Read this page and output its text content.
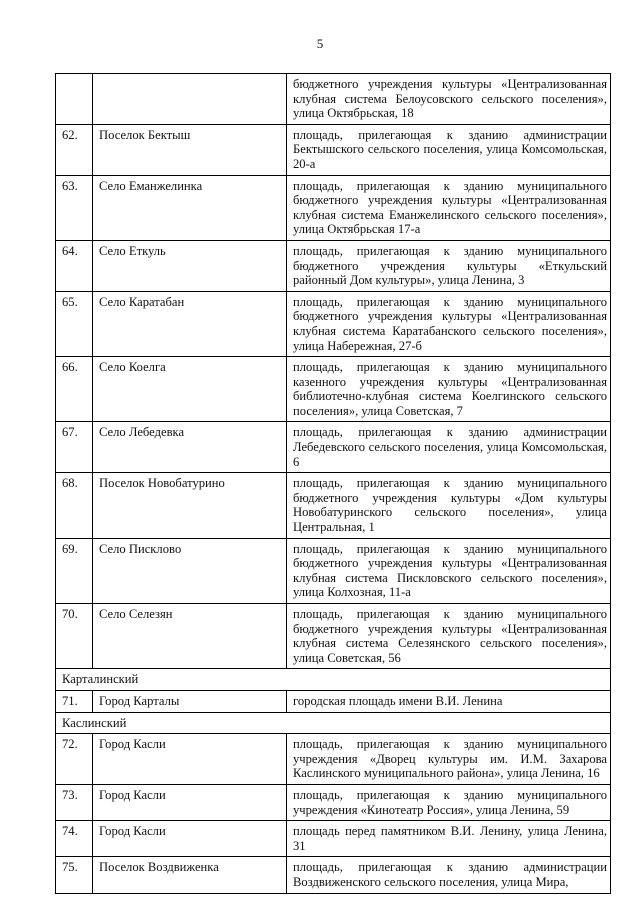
5
		бюджетного учреждения культуры «Централизованная клубная система Белоусовского сельского поселения», улица Октябрьская, 18
62.	Поселок Бектыш	площадь, прилегающая к зданию администрации Бектышского сельского поселения, улица Комсомольская, 20-а
63.	Село Еманжелинка	площадь, прилегающая к зданию муниципального бюджетного учреждения культуры «Централизованная клубная система Еманжелинского сельского поселения», улица Октябрьская 17-а
64.	Село Еткуль	площадь, прилегающая к зданию муниципального бюджетного учреждения культуры «Еткульский районный Дом культуры», улица Ленина, 3
65.	Село Каратабан	площадь, прилегающая к зданию муниципального бюджетного учреждения культуры «Централизованная клубная система Каратабанского сельского поселения», улица Набережная, 27-б
66.	Село Коелга	площадь, прилегающая к зданию муниципального казенного учреждения культуры «Централизованная библиотечно-клубная система Коелгинского сельского поселения», улица Советская, 7
67.	Село Лебедевка	площадь, прилегающая к зданию администрации Лебедевского сельского поселения, улица Комсомольская, 6
68.	Поселок Новобатурино	площадь, прилегающая к зданию муниципального бюджетного учреждения культуры «Дом культуры Новобатуринского сельского поселения», улица Центральная, 1
69.	Село Пискловo	площадь, прилегающая к зданию муниципального бюджетного учреждения культуры «Централизованная клубная система Пискловского сельского поселения», улица Колхозная, 11-а
70.	Село Селезян	площадь, прилегающая к зданию муниципального бюджетного учреждения культуры «Централизованная клубная система Селезянского сельского поселения», улица Советская, 56
Карталинский		
71.	Город Карталы	городская площадь имени В.И. Ленина
Каслинский		
72.	Город Касли	площадь, прилегающая к зданию муниципального учреждения «Дворец культуры им. И.М. Захарова Каслинского муниципального района», улица Ленина, 16
73.	Город Касли	площадь, прилегающая к зданию муниципального учреждения «Кинотеатр Россия», улица Ленина, 59
74.	Город Касли	площадь перед памятником В.И. Ленину, улица Ленина, 31
75.	Поселок Воздвиженка	площадь, прилегающая к зданию администрации Воздвиженского сельского поселения, улица Мира,
